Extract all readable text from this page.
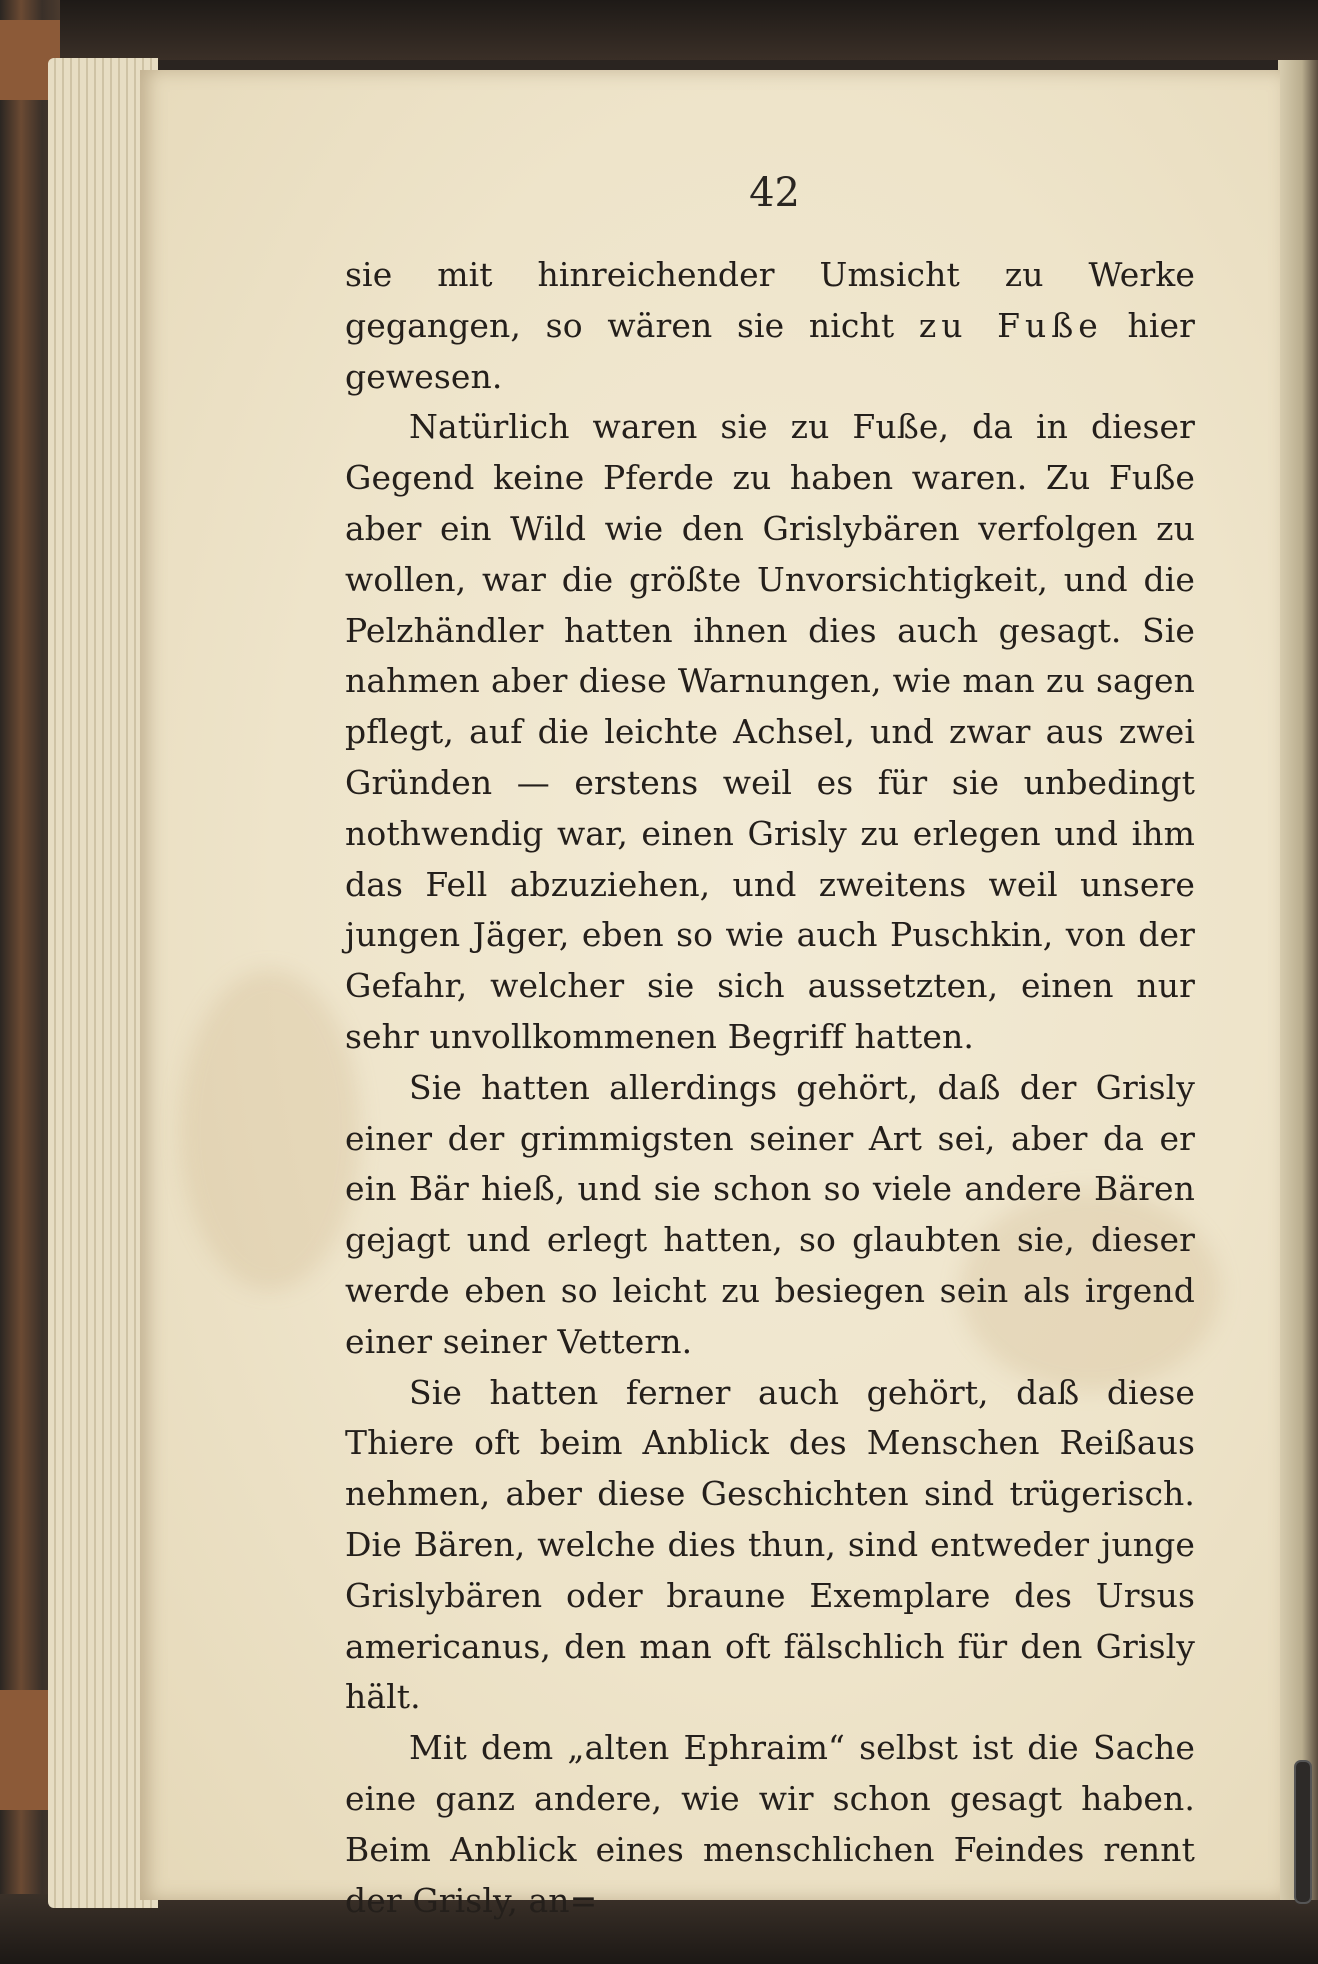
42

sie mit hinreichender Umsicht zu Werke gegangen, so wären sie nicht zu Fuße hier gewesen.

Natürlich waren sie zu Fuße, da in dieser Gegend keine Pferde zu haben waren. Zu Fuße aber ein Wild wie den Grislybären verfolgen zu wollen, war die größte Unvorsichtigkeit, und die Pelzhändler hatten ihnen dies auch gesagt. Sie nahmen aber diese Warnungen, wie man zu sagen pflegt, auf die leichte Achsel, und zwar aus zwei Gründen — erstens weil es für sie unbedingt nothwendig war, einen Grisly zu erlegen und ihm das Fell abzuziehen, und zweitens weil unsere jungen Jäger, eben so wie auch Puschkin, von der Gefahr, welcher sie sich aussetzten, einen nur sehr unvollkommenen Begriff hatten.

Sie hatten allerdings gehört, daß der Grisly einer der grimmigsten seiner Art sei, aber da er ein Bär hieß, und sie schon so viele andere Bären gejagt und erlegt hatten, so glaubten sie, dieser werde eben so leicht zu besiegen sein als irgend einer seiner Vettern.

Sie hatten ferner auch gehört, daß diese Thiere oft beim Anblick des Menschen Reißaus nehmen, aber diese Geschichten sind trügerisch. Die Bären, welche dies thun, sind entweder junge Grislybären oder braune Exemplare des Ursus americanus, den man oft fälschlich für den Grisly hält.

Mit dem „alten Ephraim“ selbst ist die Sache eine ganz andere, wie wir schon gesagt haben. Beim Anblick eines menschlichen Feindes rennt der Grisly, an=
